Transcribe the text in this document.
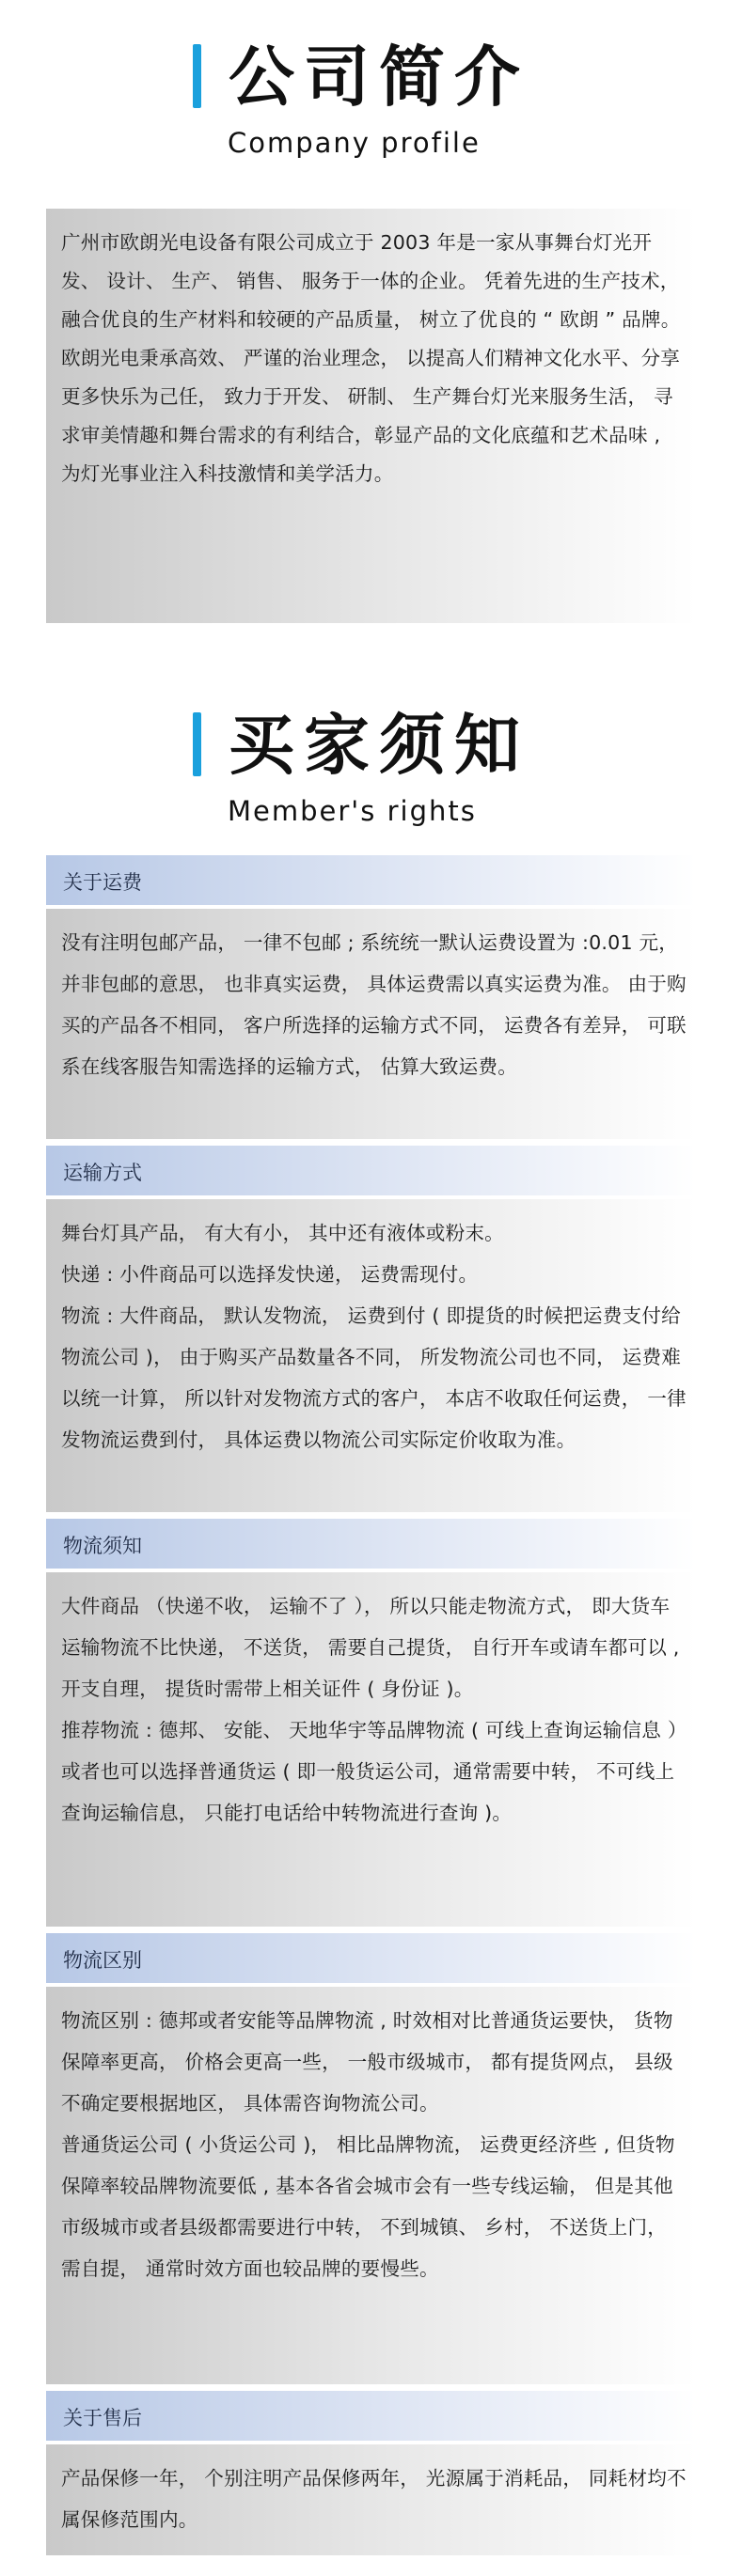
公司简介
Company profile
广州市欧朗光电设备有限公司成立于 2003 年是一家从事舞台灯光开发、 设计、 生产、 销售、 服务于一体的企业。 凭着先进的生产技术， 融合优良的生产材料和较硬的产品质量， 树立了优良的 “ 欧朗 ” 品牌。 欧朗光电秉承高效、 严谨的治业理念， 以提高人们精神文化水平、分享更多快乐为己任， 致力于开发、 研制、 生产舞台灯光来服务生活， 寻求审美情趣和舞台需求的有利结合，彰显产品的文化底蕴和艺术品味 , 为灯光事业注入科技激情和美学活力。
买家须知
Member's rights
关于运费

没有注明包邮产品， 一律不包邮 ; 系统统一默认运费设置为 :0.01 元， 并非包邮的意思， 也非真实运费， 具体运费需以真实运费为准。 由于购买的产品各不相同， 客户所选择的运输方式不同， 运费各有差异， 可联系在线客服告知需选择的运输方式， 估算大致运费。

运输方式

舞台灯具产品， 有大有小， 其中还有液体或粉末。

快递 : 小件商品可以选择发快递， 运费需现付。

物流 : 大件商品， 默认发物流， 运费到付 ( 即提货的时候把运费支付给物流公司 )， 由于购买产品数量各不同， 所发物流公司也不同， 运费难以统一计算， 所以针对发物流方式的客户， 本店不收取任何运费， 一律发物流运费到付， 具体运费以物流公司实际定价收取为准。

物流须知

大件商品 （快递不收， 运输不了 ）， 所以只能走物流方式， 即大货车运输物流不比快递， 不送货， 需要自己提货， 自行开车或请车都可以 , 开支自理， 提货时需带上相关证件 ( 身份证 )。

推荐物流 : 德邦、 安能、 天地华宇等品牌物流 ( 可线上查询运输信息 ） 或者也可以选择普通货运 ( 即一般货运公司，通常需要中转， 不可线上查询运输信息， 只能打电话给中转物流进行查询 )。

物流区别

物流区别 : 德邦或者安能等品牌物流 , 时效相对比普通货运要快， 货物保障率更高， 价格会更高一些， 一般市级城市， 都有提货网点， 县级不确定要根据地区， 具体需咨询物流公司。

普通货运公司 ( 小货运公司 )， 相比品牌物流， 运费更经济些 , 但货物保障率较品牌物流要低 , 基本各省会城市会有一些专线运输， 但是其他市级城市或者县级都需要进行中转， 不到城镇、 乡村， 不送货上门， 需自提， 通常时效方面也较品牌的要慢些。

关于售后

产品保修一年， 个别注明产品保修两年， 光源属于消耗品， 同耗材均不属保修范围内。
